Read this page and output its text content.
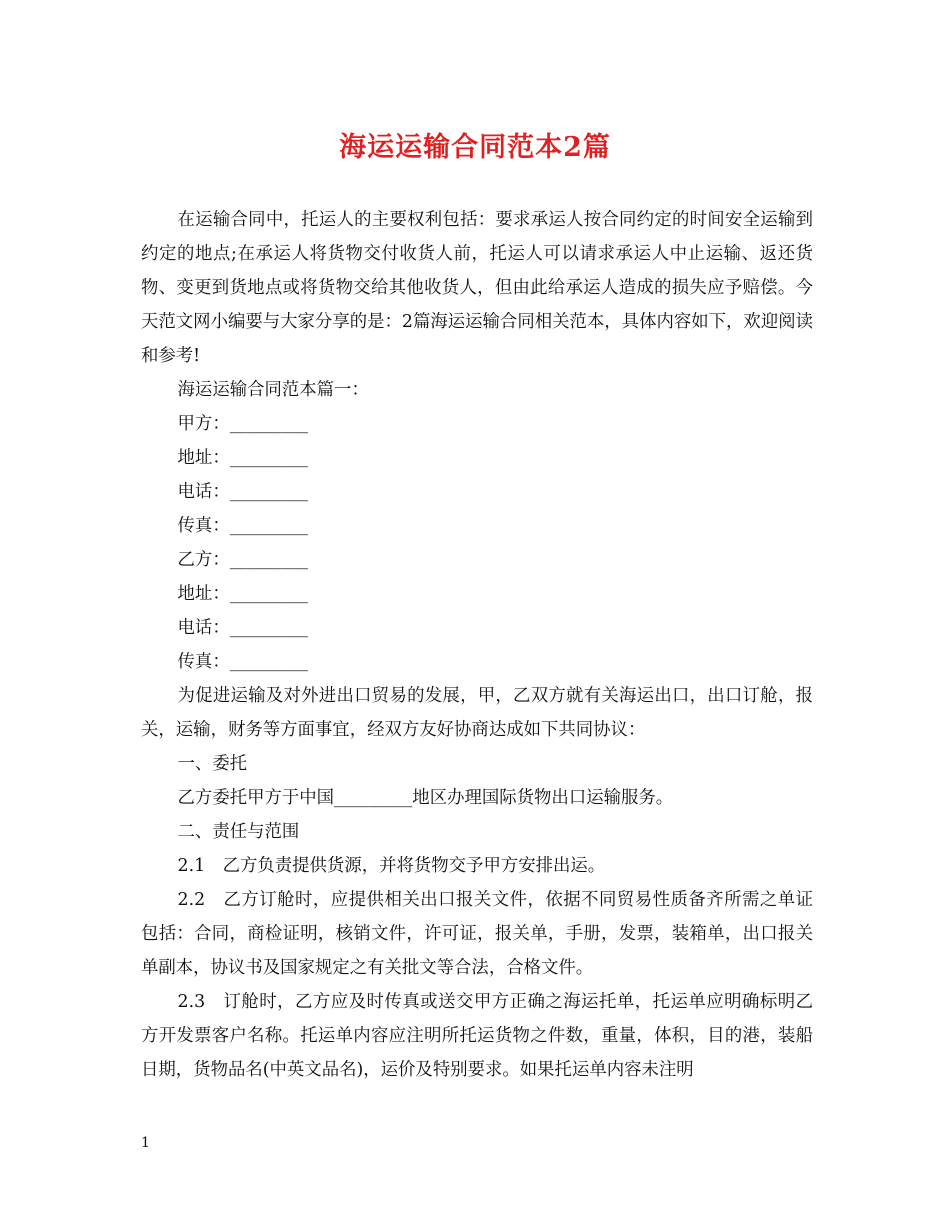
海运运输合同范本2篇

在运输合同中，托运人的主要权利包括：要求承运人按合同约定的时间安全运输到约定的地点;在承运人将货物交付收货人前，托运人可以请求承运人中止运输、返还货物、变更到货地点或将货物交给其他收货人，但由此给承运人造成的损失应予赔偿。今天范文网小编要与大家分享的是：2篇海运运输合同相关范本，具体内容如下，欢迎阅读和参考!

海运运输合同范本篇一：

甲方：_________

地址：_________

电话：_________

传真：_________

乙方：_________

地址：_________

电话：_________

传真：_________

为促进运输及对外进出口贸易的发展，甲，乙双方就有关海运出口，出口订舱，报关，运输，财务等方面事宜，经双方友好协商达成如下共同协议：

一、委托

乙方委托甲方于中国_________地区办理国际货物出口运输服务。

二、责任与范围

2.1　乙方负责提供货源，并将货物交予甲方安排出运。

2.2　乙方订舱时，应提供相关出口报关文件，依据不同贸易性质备齐所需之单证包括：合同，商检证明，核销文件，许可证，报关单，手册，发票，装箱单，出口报关单副本，协议书及国家规定之有关批文等合法，合格文件。

2.3　订舱时，乙方应及时传真或送交甲方正确之海运托单，托运单应明确标明乙方开发票客户名称。托运单内容应注明所托运货物之件数，重量，体积，目的港，装船日期，货物品名(中英文品名)，运价及特别要求。如果托运单内容未注明

1
